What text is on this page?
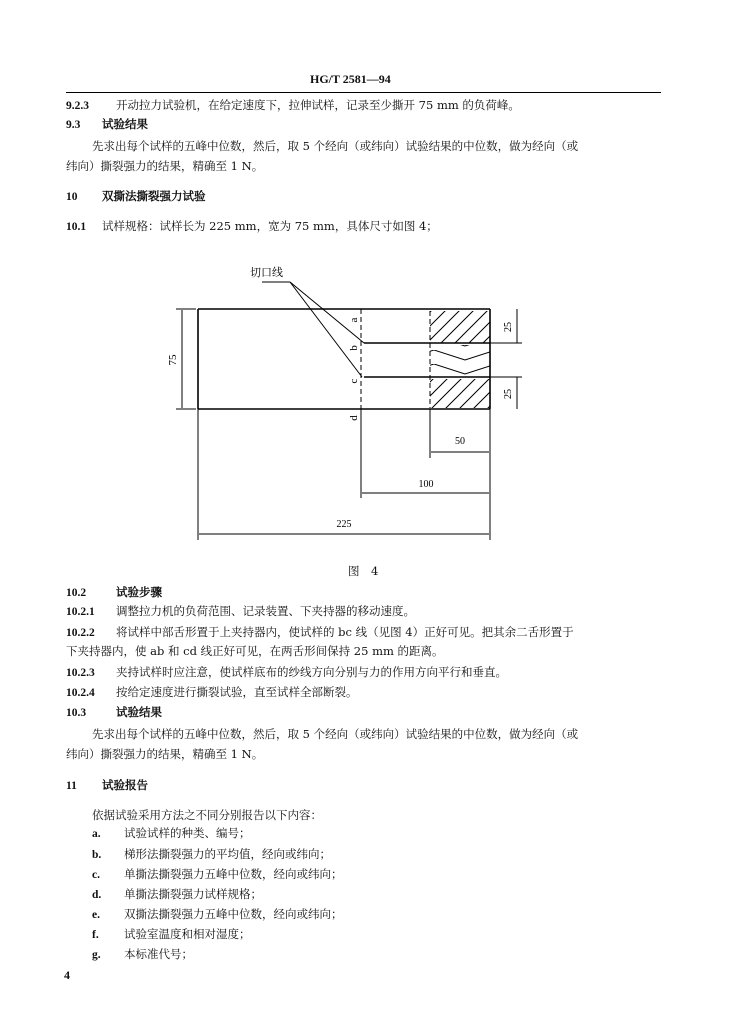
HG/T 2581—94
9.2.3 开动拉力试验机，在给定速度下，拉伸试样，记录至少撕开 75 mm 的负荷峰。
9.3 试验结果
先求出每个试样的五峰中位数，然后，取 5 个经向（或纬向）试验结果的中位数，做为经向（或
纬向）撕裂强力的结果，精确至 1 N。
10 双撕法撕裂强力试验
10.1 试样规格：试样长为 225 mm，宽为 75 mm，具体尺寸如图 4；
切口线
75
25
25
a
b
c
d
50
100
225
图　4
10.2	试验步骤
10.2.1 调整拉力机的负荷范围、记录装置、下夹持器的移动速度。
10.2.2 将试样中部舌形置于上夹持器内，使试样的 bc 线（见图 4）正好可见。把其余二舌形置于
下夹持器内，使 ab 和 cd 线正好可见，在两舌形间保持 25 mm 的距离。
10.2.3 夹持试样时应注意，使试样底布的纱线方向分别与力的作用方向平行和垂直。
10.2.4 按给定速度进行撕裂试验，直至试样全部断裂。
10.3	试验结果
先求出每个试样的五峰中位数，然后，取 5 个经向（或纬向）试验结果的中位数，做为经向（或
纬向）撕裂强力的结果，精确至 1 N。
11 试验报告
依据试验采用方法之不同分别报告以下内容：
a. 试验试样的种类、编号；
b. 梯形法撕裂强力的平均值，经向或纬向；
c. 单撕法撕裂强力五峰中位数，经向或纬向；
d. 单撕法撕裂强力试样规格；
e. 双撕法撕裂强力五峰中位数，经向或纬向；
f. 试验室温度和相对湿度；
g. 本标准代号；
4
